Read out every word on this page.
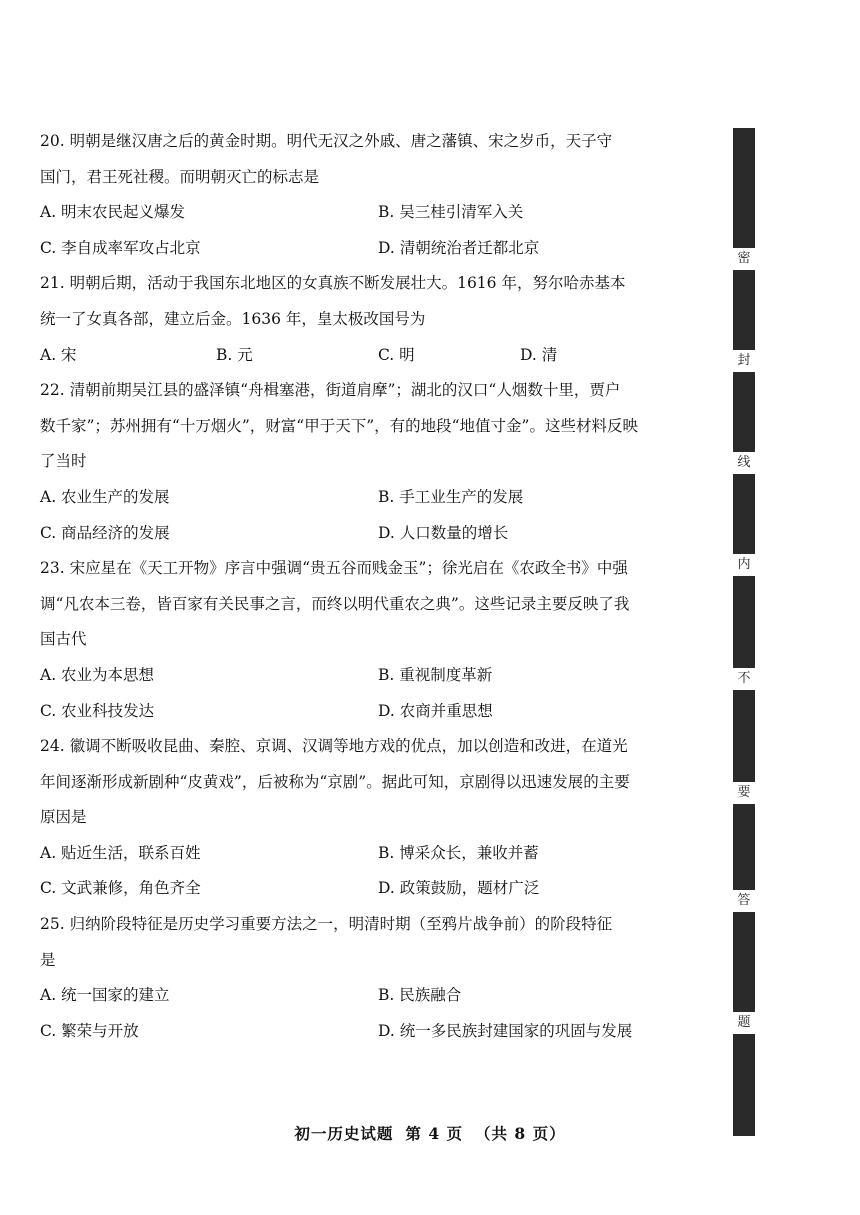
20. 明朝是继汉唐之后的黄金时期。明代无汉之外戚、唐之藩镇、宋之岁币，天子守
国门，君王死社稷。而明朝灭亡的标志是
A. 明末农民起义爆发	B. 吴三桂引清军入关
C. 李自成率军攻占北京	D. 清朝统治者迁都北京
21. 明朝后期，活动于我国东北地区的女真族不断发展壮大。1616 年，努尔哈赤基本
统一了女真各部，建立后金。1636 年，皇太极改国号为
A. 宋	B. 元	C. 明	D. 清
22. 清朝前期吴江县的盛泽镇“舟楫塞港，街道肩摩”；湖北的汉口“人烟数十里，贾户
数千家”；苏州拥有“十万烟火”，财富“甲于天下”，有的地段“地值寸金”。这些材料反映
了当时
A. 农业生产的发展	B. 手工业生产的发展
C. 商品经济的发展	D. 人口数量的增长
23. 宋应星在《天工开物》序言中强调“贵五谷而贱金玉”；徐光启在《农政全书》中强
调“凡农本三卷，皆百家有关民事之言，而终以明代重农之典”。这些记录主要反映了我
国古代
A. 农业为本思想	B. 重视制度革新
C. 农业科技发达	D. 农商并重思想
24. 徽调不断吸收昆曲、秦腔、京调、汉调等地方戏的优点，加以创造和改进，在道光
年间逐渐形成新剧种“皮黄戏”，后被称为“京剧”。据此可知，京剧得以迅速发展的主要
原因是
A. 贴近生活，联系百姓	B. 博采众长，兼收并蓄
C. 文武兼修，角色齐全	D. 政策鼓励，题材广泛
25. 归纳阶段特征是历史学习重要方法之一，明清时期（至鸦片战争前）的阶段特征
是
A. 统一国家的建立	B. 民族融合
C. 繁荣与开放	D. 统一多民族封建国家的巩固与发展
密
封
线
内
不
要
答
题
初一历史试题 第 4 页 （共 8 页）
